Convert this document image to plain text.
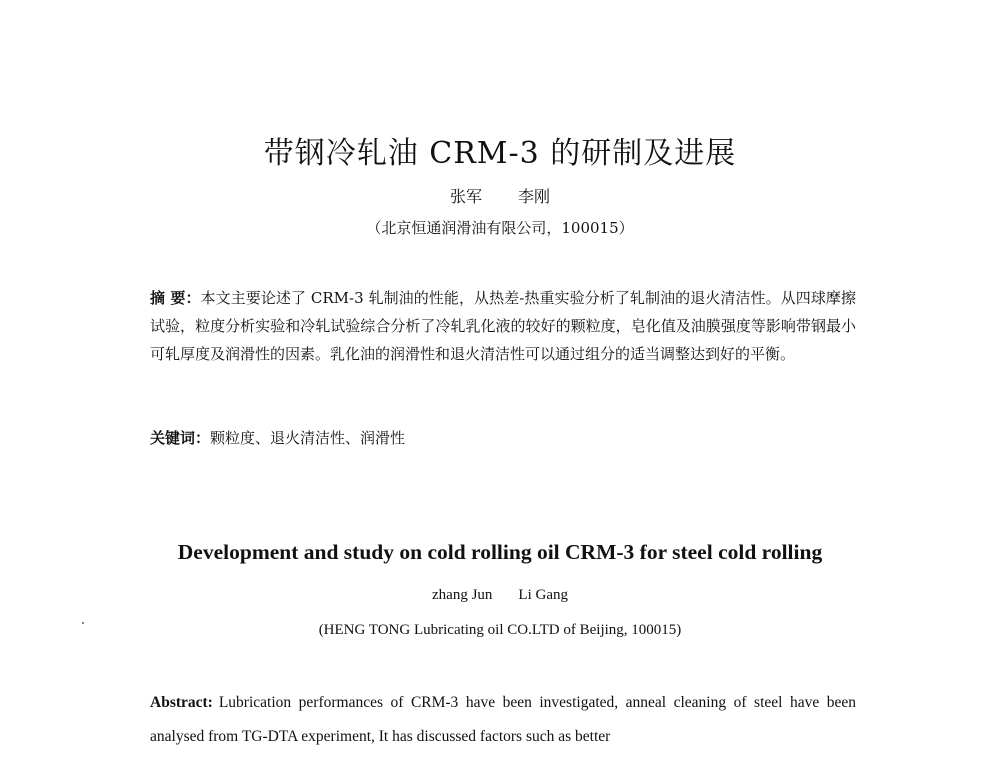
带钢冷轧油 CRM-3 的研制及进展
张军 李刚
（北京恒通润滑油有限公司，100015）
摘 要：本文主要论述了 CRM-3 轧制油的性能，从热差-热重实验分析了轧制油的退火清洁性。从四球摩擦试验，粒度分析实验和冷轧试验综合分析了冷轧乳化液的较好的颗粒度，皂化值及油膜强度等影响带钢最小可轧厚度及润滑性的因素。乳化油的润滑性和退火清洁性可以通过组分的适当调整达到好的平衡。
关键词：颗粒度、退火清洁性、润滑性
Development and study on cold rolling oil CRM-3 for steel cold rolling
zhang Jun Li Gang
(HENG TONG Lubricating oil CO.LTD of Beijing, 100015)
Abstract: Lubrication performances of CRM-3 have been investigated, anneal cleaning of steel have been analysed from TG-DTA experiment, It has discussed factors such as better
